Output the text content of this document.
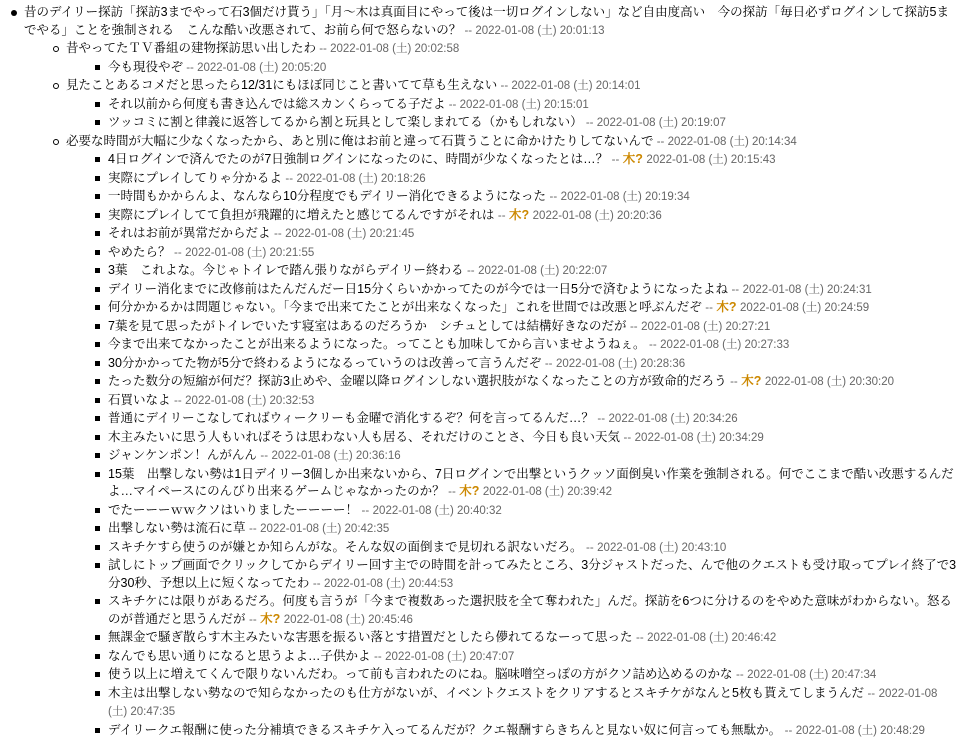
昔のデイリー探訪「探訪3までやって石3個だけ貰う」「月～木は真面目にやって後は一切ログインしない」など自由度高い　今の探訪「毎日必ずログインして探訪5までやる」ことを強制される　こんな酷い改悪されて、お前ら何で怒らないの？ -- 2022-01-08 (土) 20:01:13
昔やってたＴＶ番組の建物探訪思い出したわ -- 2022-01-08 (土) 20:02:58
今も現役やぞ -- 2022-01-08 (土) 20:05:20
見たことあるコメだと思ったら12/31にもほぼ同じこと書いてて草も生えない -- 2022-01-08 (土) 20:14:01
それ以前から何度も書き込んでは総スカンくらってる子だよ -- 2022-01-08 (土) 20:15:01
ツッコミに割と律義に返答してるから割と玩具として楽しまれてる（かもしれない） -- 2022-01-08 (土) 20:19:07
必要な時間が大幅に少なくなったから、あと別に俺はお前と違って石貰うことに命かけたりしてないんで -- 2022-01-08 (土) 20:14:34
4日ログインで済んでたのが7日強制ログインになったのに、時間が少なくなったとは…？ -- 木? 2022-01-08 (土) 20:15:43
実際にプレイしてりゃ分かるよ -- 2022-01-08 (土) 20:18:26
一時間もかからんよ、なんなら10分程度でもデイリー消化できるようになった -- 2022-01-08 (土) 20:19:34
実際にプレイしてて負担が飛躍的に増えたと感じてるんですがそれは -- 木? 2022-01-08 (土) 20:20:36
それはお前が異常だからだよ -- 2022-01-08 (土) 20:21:45
やめたら？ -- 2022-01-08 (土) 20:21:55
3葉　これよな。今じゃトイレで踏ん張りながらデイリー終わる -- 2022-01-08 (土) 20:22:07
デイリー消化までに改修前はたんだんだー日15分くらいかかってたのが今では一日5分で済むようになったよね -- 2022-01-08 (土) 20:24:31
何分かかるかは問題じゃない。「今まで出来てたことが出来なくなった」これを世間では改悪と呼ぶんだぞ -- 木? 2022-01-08 (土) 20:24:59
7葉を見て思ったがトイレでいたす寝室はあるのだろうか　シチュとしては結構好きなのだが -- 2022-01-08 (土) 20:27:21
今まで出来てなかったことが出来るようになった。ってことも加味してから言いませようねぇ。 -- 2022-01-08 (土) 20:27:33
30分かかってた物が5分で終わるようになるっていうのは改善って言うんだぞ -- 2022-01-08 (土) 20:28:36
たった数分の短縮が何だ？探訪3止めや、金曜以降ログインしない選択肢がなくなったことの方が致命的だろう -- 木? 2022-01-08 (土) 20:30:20
石買いなよ -- 2022-01-08 (土) 20:32:53
普通にデイリーこなしてればウィークリーも金曜で消化するぞ？何を言ってるんだ…？ -- 2022-01-08 (土) 20:34:26
木主みたいに思う人もいればそうは思わない人も居る、それだけのことさ、今日も良い天気 -- 2022-01-08 (土) 20:34:29
ジャンケンポン！んがんん -- 2022-01-08 (土) 20:36:16
15葉　出撃しない勢は1日デイリー3個しか出来ないから、7日ログインで出撃というクッソ面倒臭い作業を強制される。何でここまで酷い改悪するんだよ…マイペースにのんびり出来るゲームじゃなかったのか？ -- 木? 2022-01-08 (土) 20:39:42
でたーーーｗｗクソはいりましたーーーー！ -- 2022-01-08 (土) 20:40:32
出撃しない勢は流石に草 -- 2022-01-08 (土) 20:42:35
スキチケすら使うのが嫌とか知らんがな。そんな奴の面倒まで見切れる訳ないだろ。 -- 2022-01-08 (土) 20:43:10
試しにトップ画面でクリックしてからデイリー回す主での時間を計ってみたところ、3分ジャストだった、んで他のクエストも受け取ってプレイ終了で3分30秒、予想以上に短くなってたわ -- 2022-01-08 (土) 20:44:53
スキチケには限りがあるだろ。何度も言うが「今まで複数あった選択肢を全て奪われた」んだ。探訪を6つに分けるのをやめた意味がわからない。怒るのが普通だと思うんだが -- 木? 2022-01-08 (土) 20:45:46
無課金で騒ぎ散らす木主みたいな害悪を振るい落とす措置だとしたら儚れてるなーって思った -- 2022-01-08 (土) 20:46:42
なんでも思い通りになると思うよよ…子供かよ -- 2022-01-08 (土) 20:47:07
使う以上に増えてくんで限りないんだわ。って前も言われたのにね。脳味噌空っぽの方がクソ詰め込めるのかな -- 2022-01-08 (土) 20:47:34
木主は出撃しない勢なので知らなかったのも仕方がないが、イベントクエストをクリアするとスキチケがなんと5枚も貰えてしまうんだ -- 2022-01-08 (土) 20:47:35
デイリークエ報酬に使った分補填できるスキチケ入ってるんだが？クエ報酬すらきちんと見ない奴に何言っても無駄か。 -- 2022-01-08 (土) 20:48:29
